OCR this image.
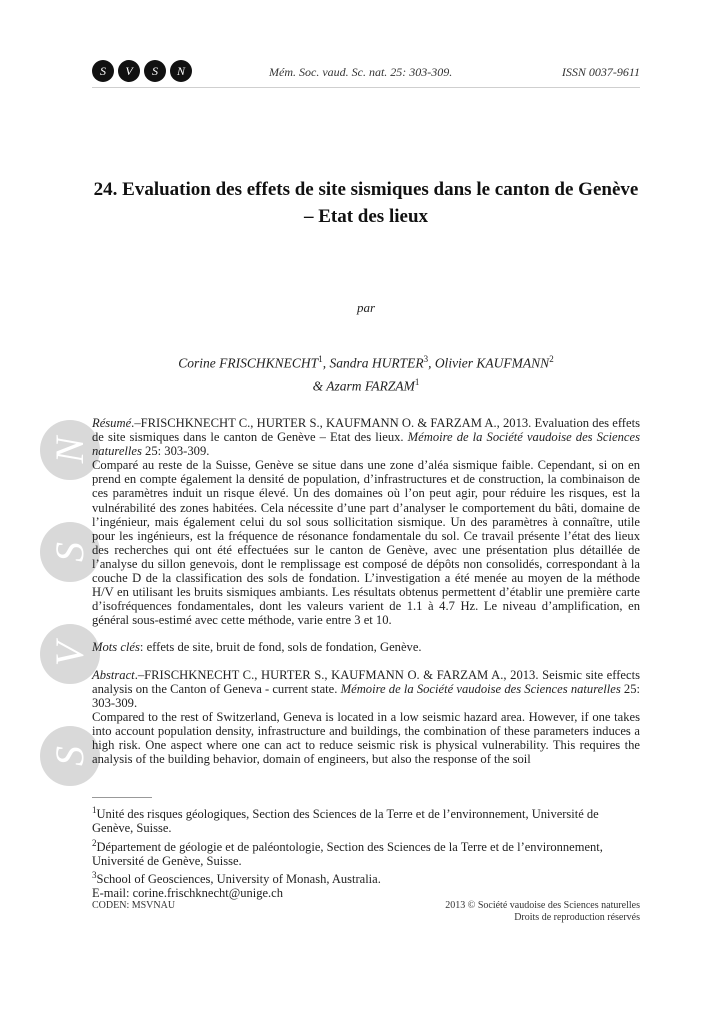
S	V	S	N	Mém. Soc. vaud. Sc. nat. 25: 303-309.	ISSN 0037-9611
24. Evaluation des effets de site sismiques dans le canton de Genève – Etat des lieux
par
Corine FRISCHKNECHT$^1$, Sandra HURTER$^3$, Olivier KAUFMANN$^2$
& Azarm FARZAM$^1$
N
S
V
S

Résumé.–FRISCHKNECHT C., HURTER S., KAUFMANN O. & FARZAM A., 2013. Evaluation des effets de site sismiques dans le canton de Genève – Etat des lieux. Mémoire de la Société vaudoise des Sciences naturelles 25: 303-309.

Comparé au reste de la Suisse, Genève se situe dans une zone d’aléa sismique faible. Cependant, si on en prend en compte également la densité de population, d’infrastructures et de construction, la combinaison de ces paramètres induit un risque élevé. Un des domaines où l’on peut agir, pour réduire les risques, est la vulnérabilité des zones habitées. Cela nécessite d’une part d’analyser le comportement du bâti, domaine de l’ingénieur, mais également celui du sol sous sollicitation sismique. Un des paramètres à connaître, utile pour les ingénieurs, est la fréquence de résonance fondamentale du sol. Ce travail présente l’état des lieux des recherches qui ont été effectuées sur le canton de Genève, avec une présentation plus détaillée de l’analyse du sillon genevois, dont le remplissage est composé de dépôts non consolidés, correspondant à la couche D de la classification des sols de fondation. L’investigation a été menée au moyen de la méthode H/V en utilisant les bruits sismiques ambiants. Les résultats obtenus permettent d’établir une première carte d’isofréquences fondamentales, dont les valeurs varient de 1.1 à 4.7 Hz. Le niveau d’amplification, en général sous-estimé avec cette méthode, varie entre 3 et 10.

Mots clés: effets de site, bruit de fond, sols de fondation, Genève.

Abstract.–FRISCHKNECHT C., HURTER S., KAUFMANN O. & FARZAM A., 2013. Seismic site effects analysis on the Canton of Geneva - current state. Mémoire de la Société vaudoise des Sciences naturelles 25: 303-309.

Compared to the rest of Switzerland, Geneva is located in a low seismic hazard area. However, if one takes into account population density, infrastructure and buildings, the combination of these parameters induces a high risk. One aspect where one can act to reduce seismic risk is physical vulnerability. This requires the analysis of the building behavior, domain of engineers, but also the response of the soil

$^1$Unité des risques géologiques, Section des Sciences de la Terre et de l’environnement, Université de Genève, Suisse.

$^2$Département de géologie et de paléontologie, Section des Sciences de la Terre et de l’environnement, Université de Genève, Suisse.

$^3$School of Geosciences, University of Monash, Australia.

E-mail: corine.frischknecht@unige.ch

CODEN: MSVNAU	2013 © Société vaudoise des Sciences naturelles
Droits de reproduction réservés
